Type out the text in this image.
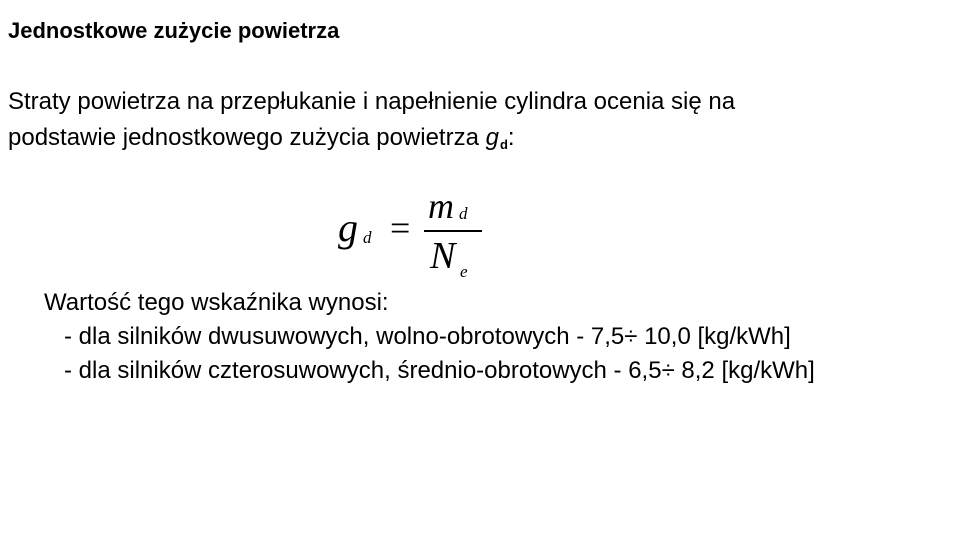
Jednostkowe zużycie powietrza
Straty powietrza na przepłukanie i napełnienie cylindra ocenia się na
podstawie jednostkowego zużycia powietrza gd:
g d =
m d
N e
Wartość tego wskaźnika wynosi:
- dla silników dwusuwowych, wolno-obrotowych - 7,5÷ 10,0 [kg/kWh]
- dla silników czterosuwowych, średnio-obrotowych - 6,5÷ 8,2 [kg/kWh]
